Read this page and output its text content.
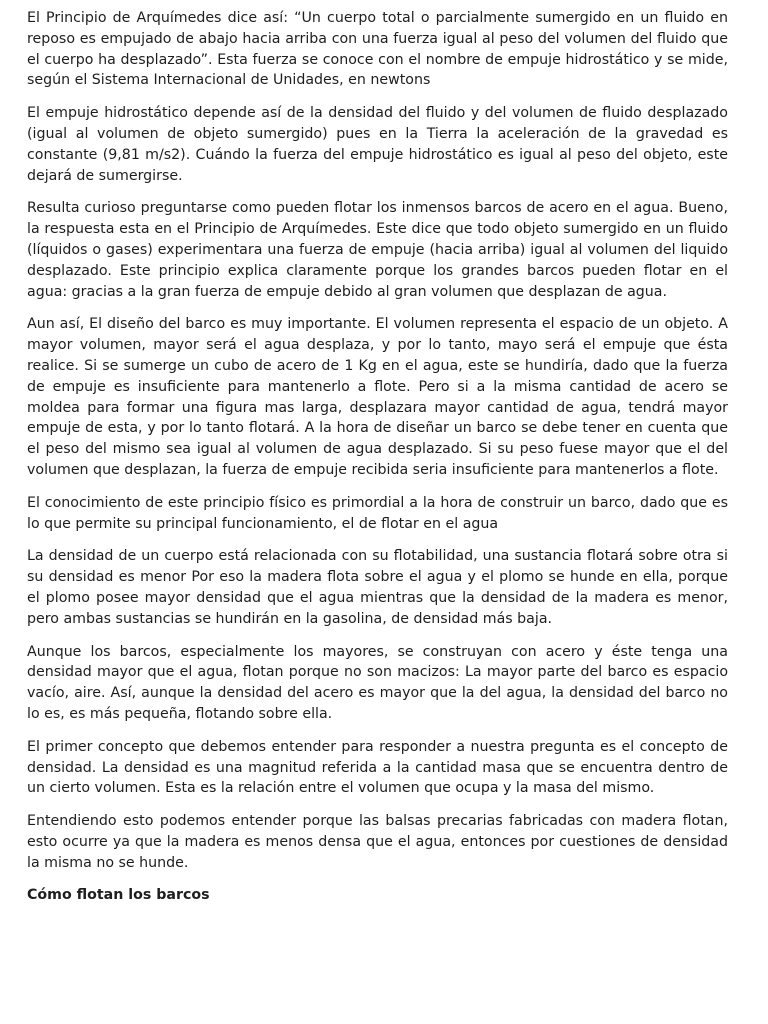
El Principio de Arquímedes dice así: “Un cuerpo total o parcialmente sumergido en un fluido en reposo es empujado de abajo hacia arriba con una fuerza igual al peso del volumen del fluido que el cuerpo ha desplazado”. Esta fuerza se conoce con el nombre de empuje hidrostático y se mide, según el Sistema Internacional de Unidades, en newtons

El empuje hidrostático depende así de la densidad del fluido y del volumen de fluido desplazado (igual al volumen de objeto sumergido) pues en la Tierra la aceleración de la gravedad es constante (9,81 m/s2). Cuándo la fuerza del empuje hidrostático es igual al peso del objeto, este dejará de sumergirse.

Resulta curioso preguntarse como pueden flotar los inmensos barcos de acero en el agua. Bueno, la respuesta esta en el Principio de Arquímedes. Este dice que todo objeto sumergido en un fluido (líquidos o gases) experimentara una fuerza de empuje (hacia arriba) igual al volumen del liquido desplazado. Este principio explica claramente porque los grandes barcos pueden flotar en el agua: gracias a la gran fuerza de empuje debido al gran volumen que desplazan de agua.

Aun así, El diseño del barco es muy importante. El volumen representa el espacio de un objeto. A mayor volumen, mayor será el agua desplaza, y por lo tanto, mayo será el empuje que ésta realice. Si se sumerge un cubo de acero de 1 Kg en el agua, este se hundiría, dado que la fuerza de empuje es insuficiente para mantenerlo a flote. Pero si a la misma cantidad de acero se moldea para formar una figura mas larga, desplazara mayor cantidad de agua, tendrá mayor empuje de esta, y por lo tanto flotará. A la hora de diseñar un barco se debe tener en cuenta que el peso del mismo sea igual al volumen de agua desplazado. Si su peso fuese mayor que el del volumen que desplazan, la fuerza de empuje recibida seria insuficiente para mantenerlos a flote.

El conocimiento de este principio físico es primordial a la hora de construir un barco, dado que es lo que permite su principal funcionamiento, el de flotar en el agua

La densidad de un cuerpo está relacionada con su flotabilidad, una sustancia flotará sobre otra si su densidad es menor Por eso la madera flota sobre el agua y el plomo se hunde en ella, porque el plomo posee mayor densidad que el agua mientras que la densidad de la madera es menor, pero ambas sustancias se hundirán en la gasolina, de densidad más baja.

Aunque los barcos, especialmente los mayores, se construyan con acero y éste tenga una densidad mayor que el agua, flotan porque no son macizos: La mayor parte del barco es espacio vacío, aire. Así, aunque la densidad del acero es mayor que la del agua, la densidad del barco no lo es, es más pequeña, flotando sobre ella.

El primer concepto que debemos entender para responder a nuestra pregunta es el concepto de densidad. La densidad es una magnitud referida a la cantidad masa que se encuentra dentro de un cierto volumen. Esta es la relación entre el volumen que ocupa y la masa del mismo.

Entendiendo esto podemos entender porque las balsas precarias fabricadas con madera flotan, esto ocurre ya que la madera es menos densa que el agua, entonces por cuestiones de densidad la misma no se hunde.

Cómo flotan los barcos
